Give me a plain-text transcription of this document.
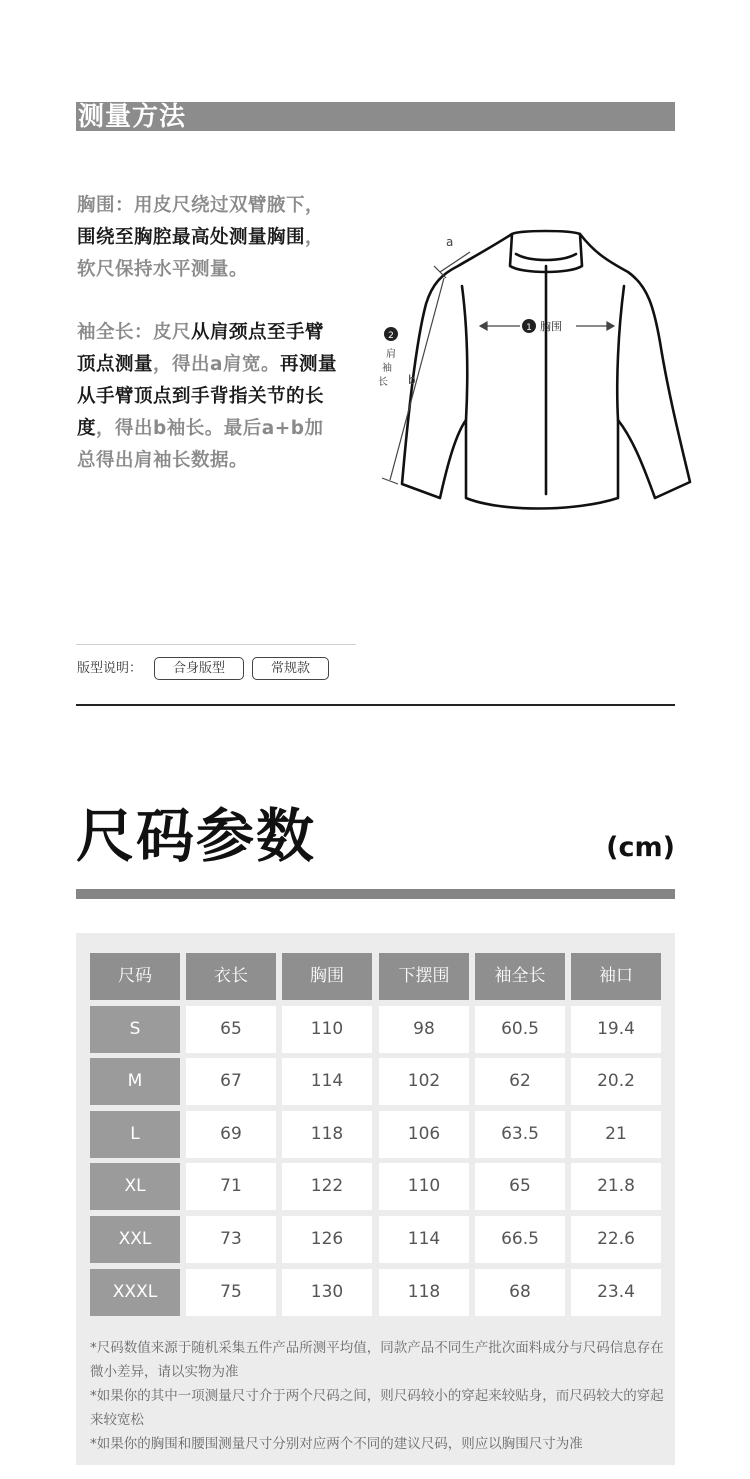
测量方法
胸围：用皮尺绕过双臂腋下，围绕至胸腔最高处测量胸围，软尺保持水平测量。
袖全长：皮尺从肩颈点至手臂顶点测量，得出a肩宽。再测量从手臂顶点到手背指关节的长度，得出b袖长。最后a+b加总得出肩袖长数据。
1 胸围
a
b
2
肩
袖
长
版型说明：	合身版型	常规款
尺码参数	(cm)
尺码	衣长	胸围	下摆围	袖全长	袖口
S	65	110	98	60.5	19.4
M	67	114	102	62	20.2
L	69	118	106	63.5	21
XL	71	122	110	65	21.8
XXL	73	126	114	66.5	22.6
XXXL	75	130	118	68	23.4

*尺码数值来源于随机采集五件产品所测平均值，同款产品不同生产批次面料成分与尺码信息存在微小差异，请以实物为准

*如果你的其中一项测量尺寸介于两个尺码之间，则尺码较小的穿起来较贴身，而尺码较大的穿起来较宽松

*如果你的胸围和腰围测量尺寸分别对应两个不同的建议尺码，则应以胸围尺寸为准
